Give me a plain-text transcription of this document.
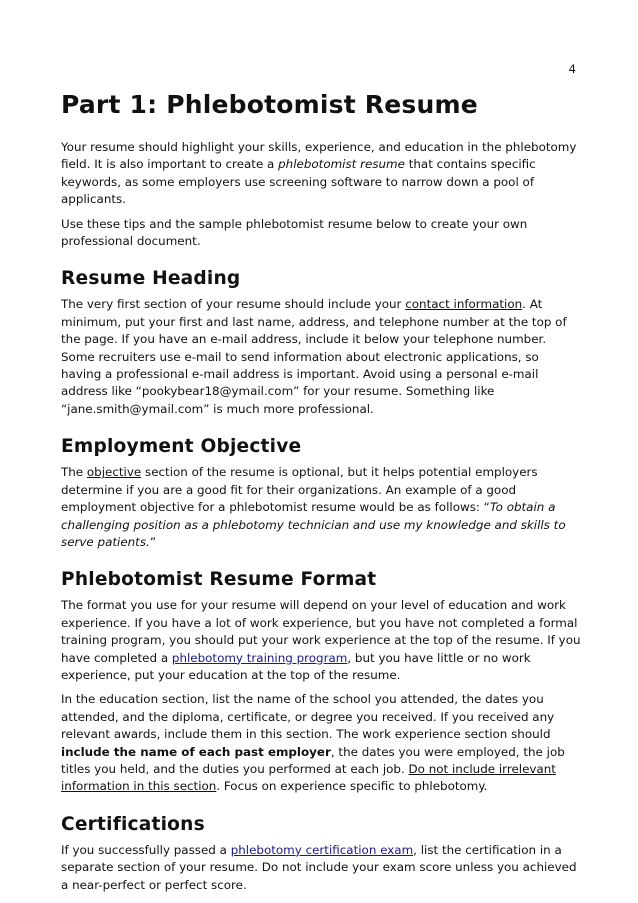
4
Part 1: Phlebotomist Resume

Your resume should highlight your skills, experience, and education in the phlebotomy field. It is also important to create a phlebotomist resume that contains specific keywords, as some employers use screening software to narrow down a pool of applicants.

Use these tips and the sample phlebotomist resume below to create your own professional document.

Resume Heading

The very first section of your resume should include your contact information. At minimum, put your first and last name, address, and telephone number at the top of the page. If you have an e-mail address, include it below your telephone number. Some recruiters use e-mail to send information about electronic applications, so having a professional e-mail address is important. Avoid using a personal e-mail address like “pookybear18@ymail.com” for your resume. Something like “jane.smith@ymail.com” is much more professional.

Employment Objective

The objective section of the resume is optional, but it helps potential employers determine if you are a good fit for their organizations. An example of a good employment objective for a phlebotomist resume would be as follows: “To obtain a challenging position as a phlebotomy technician and use my knowledge and skills to serve patients.”

Phlebotomist Resume Format

The format you use for your resume will depend on your level of education and work experience. If you have a lot of work experience, but you have not completed a formal training program, you should put your work experience at the top of the resume. If you have completed a phlebotomy training program, but you have little or no work experience, put your education at the top of the resume.

In the education section, list the name of the school you attended, the dates you attended, and the diploma, certificate, or degree you received. If you received any relevant awards, include them in this section. The work experience section should include the name of each past employer, the dates you were employed, the job titles you held, and the duties you performed at each job. Do not include irrelevant information in this section. Focus on experience specific to phlebotomy.

Certifications

If you successfully passed a phlebotomy certification exam, list the certification in a separate section of your resume. Do not include your exam score unless you achieved a near-perfect or perfect score.
